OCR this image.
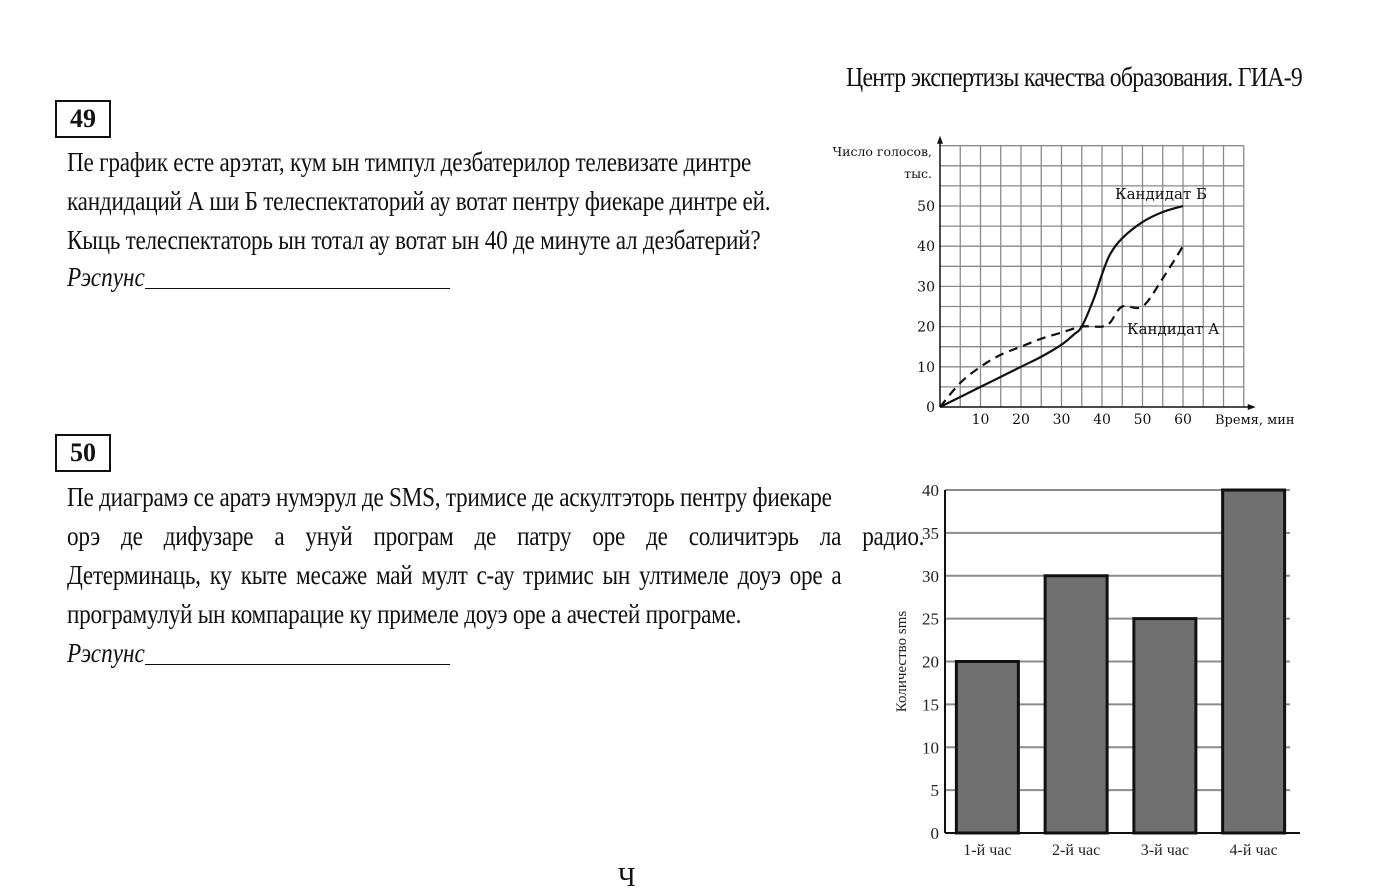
Центр экспертизы качества образования. ГИА-9
49
Пе график есте арэтат, кум ын тимпул дезбатерилор телевизате динтре
кандидаций А ши Б телеспектаторий ау вотат пентру фиекаре динтре ей.
Кыць телеспектаторь ын тотал ау вотат ын 40 де минуте ал дезбатерий?
Рэспунс
50
Пе диаграмэ се аратэ нумэрул де SMS, тримисе де аскултэторь пентру фиекаре
орэ де дифузаре а унуй програм де патру оре де соличитэрь ла радио.
Детерминаць, ку кыте месаже май мулт с-ау тримис ын ултимеле доуэ оре а
програмулуй ын компарацие ку примеле доуэ оре а ачестей програме.
Рэспунс
10 20 30 40 50 60
10
20
30
40
50
0
Число голосов,
тыс.
Время, мин
Кандидат Б
Кандидат А
0
5
10
15
20
25
30
35
40
1-й час	2-й час	3-й час	4-й час
Количество sms
Ч
